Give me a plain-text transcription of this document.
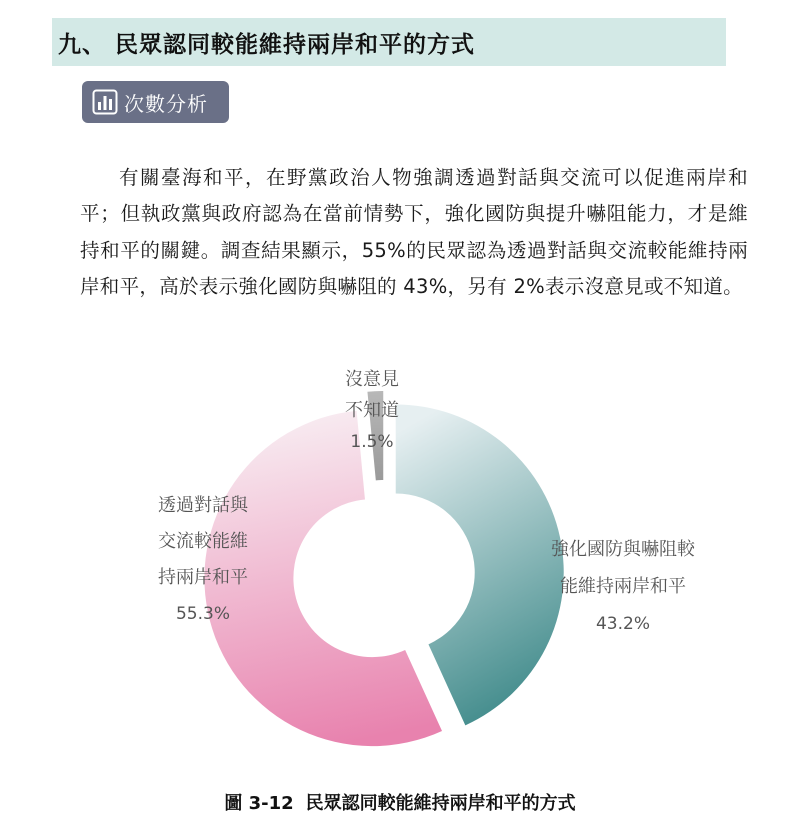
九、 民眾認同較能維持兩岸和平的方式
次數分析

有關臺海和平，在野黨政治人物強調透過對話與交流可以促進兩岸和平；但執政黨與政府認為在當前情勢下，強化國防與提升嚇阻能力，才是維持和平的關鍵。調查結果顯示，55%的民眾認為透過對話與交流較能維持兩岸和平，高於表示強化國防與嚇阻的 43%，另有 2%表示沒意見或不知道。

強化國防與嚇阻較能維持兩岸和平 43.2%
透過對話與交流較能維持兩岸和平 55.3%
沒意見不知道 1.5%
圖 3-12 民眾認同較能維持兩岸和平的方式
